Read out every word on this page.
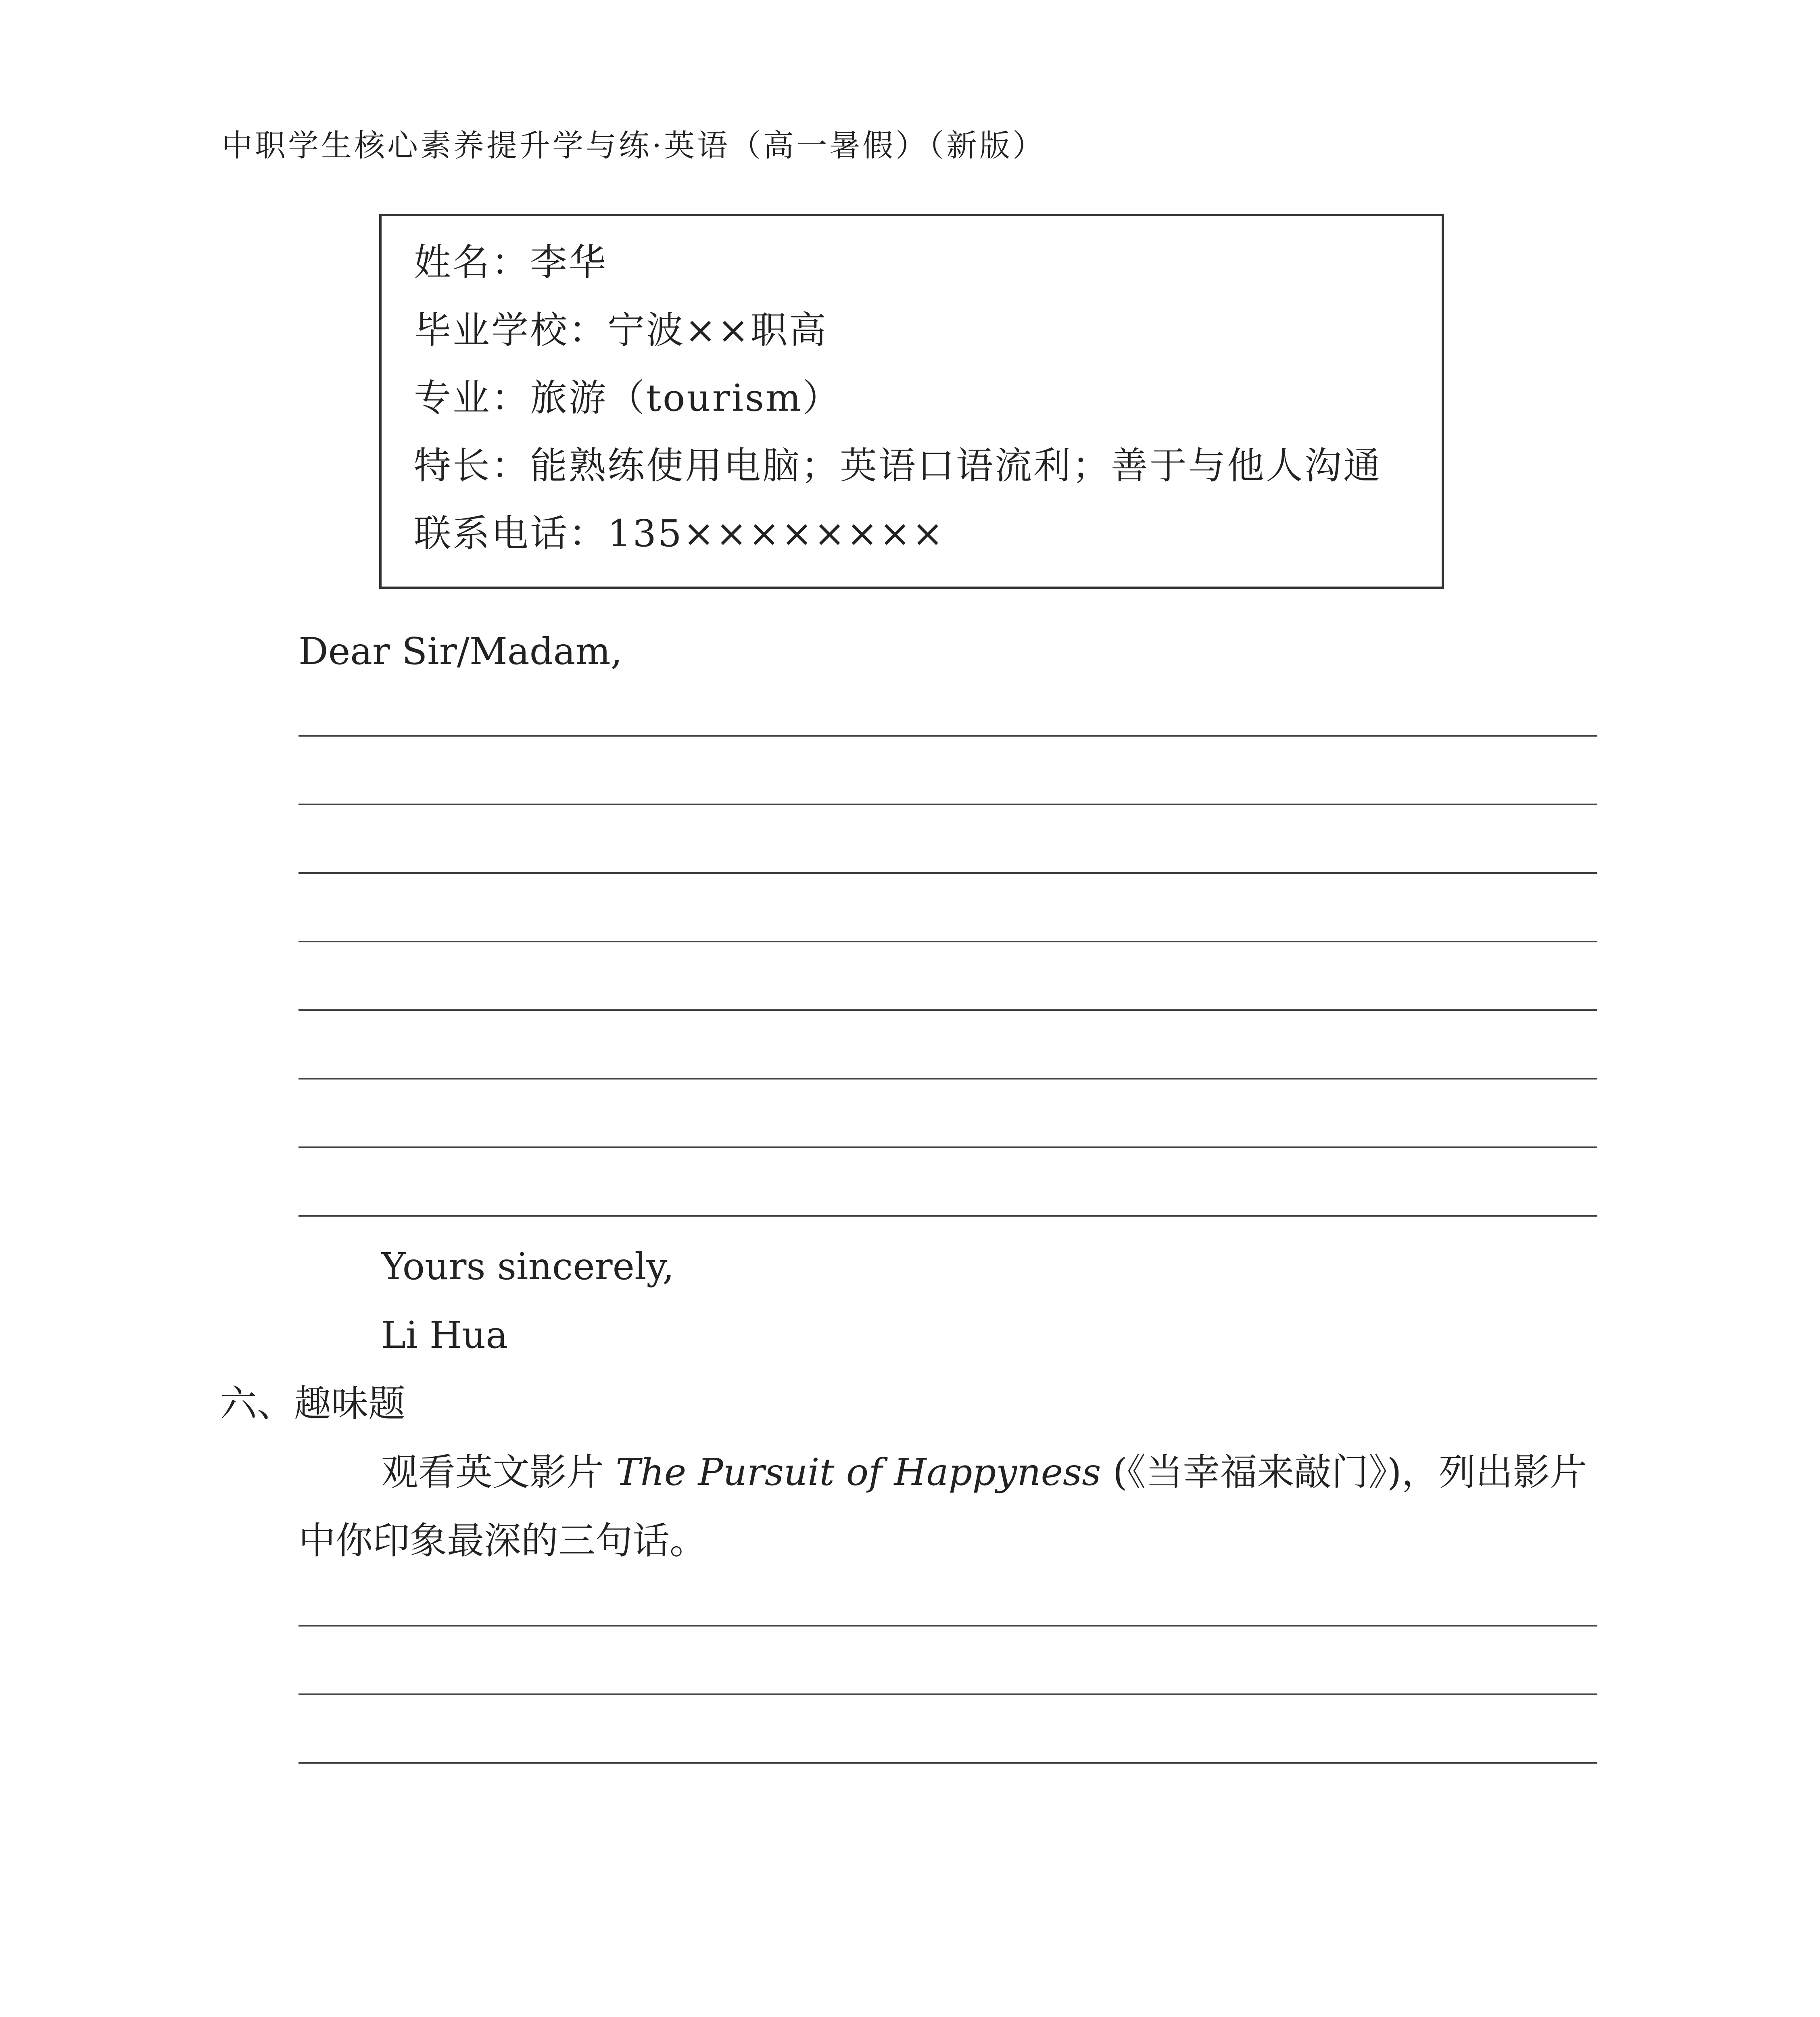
中职学生核心素养提升学与练·英语（高一暑假）（新版）
姓名：李华
毕业学校：宁波××职高
专业：旅游（tourism）
特长：能熟练使用电脑；英语口语流利；善于与他人沟通
联系电话：135××××××××
Dear Sir/Madam,
Yours sincerely,
Li Hua
六、趣味题
观看英文影片 The Pursuit of Happyness (《当幸福来敲门》)，列出影片
中你印象最深的三句话。
